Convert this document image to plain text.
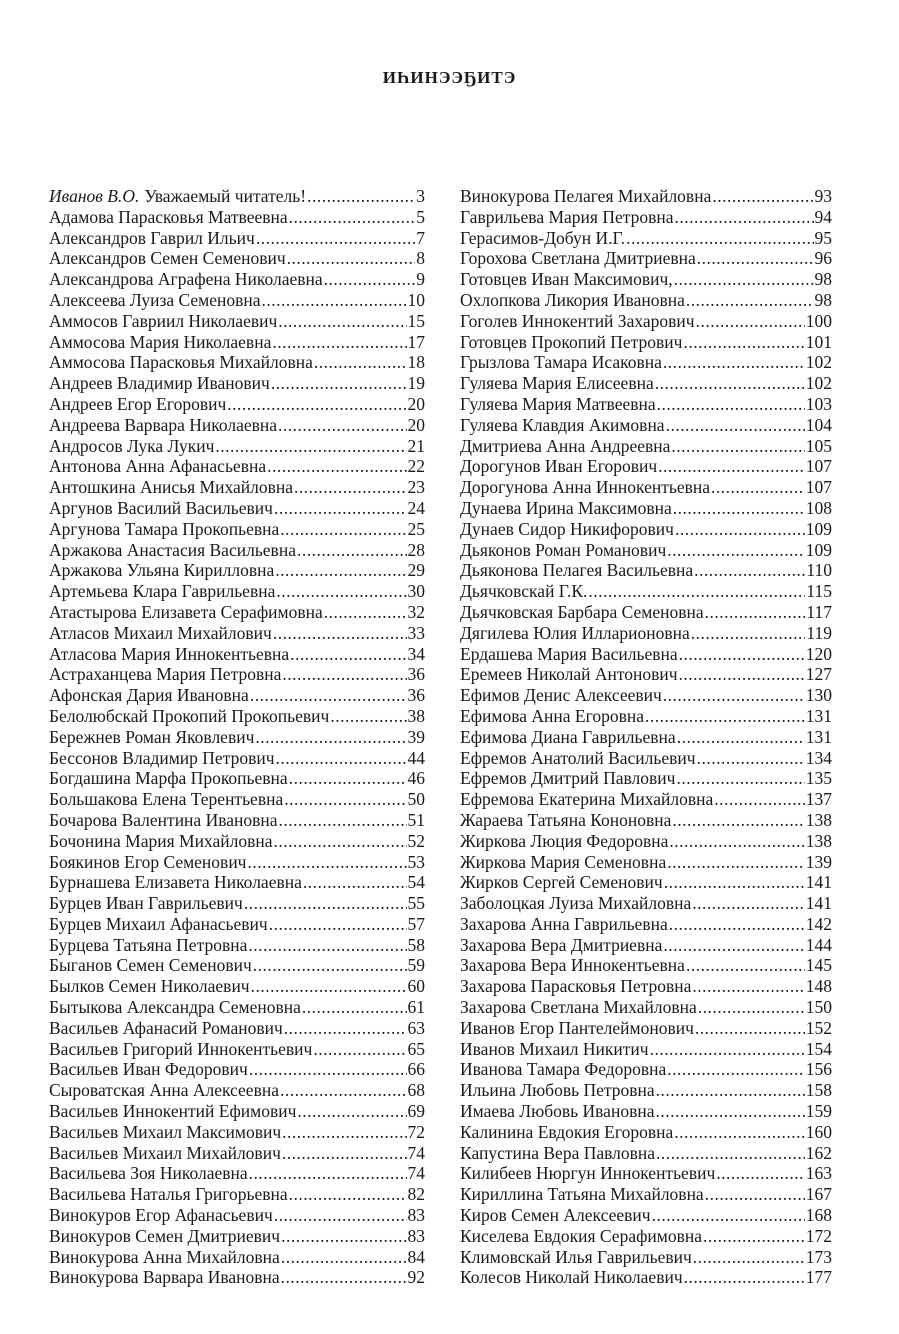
ИҺИНЭЭҔИТЭ
Иванов В.О. Уважаемый читатель! .....	3
Адамова Парасковья Матвеевна .....	5
Александров Гаврил Ильич .....	7
Александров Семен Семенович .....	8
Александрова Аграфена Николаевна .....	9
Алексеева Луиза Семеновна .....	10
Аммосов Гавриил Николаевич .....	15
Аммосова Мария Николаевна .....	17
Аммосова Парасковья Михайловна .....	18
Андреев Владимир Иванович .....	19
Андреев Егор Егорович .....	20
Андреева Варвара Николаевна .....	20
Андросов Лука Лукич .....	21
Антонова Анна Афанасьевна .....	22
Антошкина Анисья Михайловна .....	23
Аргунов Василий Васильевич .....	24
Аргунова Тамара Прокопьевна .....	25
Аржакова Анастасия Васильевна .....	28
Аржакова Ульяна Кирилловна .....	29
Артемьева Клара Гаврильевна .....	30
Атастырова Елизавета Серафимовна .....	32
Атласов Михаил Михайлович .....	33
Атласова Мария Иннокентьевна .....	34
Астраханцева Мария Петровна .....	36
Афонская Дария Ивановна .....	36
Белолюбскай Прокопий Прокопьевич .....	38
Бережнев Роман Яковлевич .....	39
Бессонов Владимир Петрович .....	44
Богдашина Марфа Прокопьевна .....	46
Большакова Елена Терентьевна .....	50
Бочарова Валентина Ивановна .....	51
Бочонина Мария Михайловна .....	52
Боякинов Егор Семенович .....	53
Бурнашева Елизавета Николаевна .....	54
Бурцев Иван Гаврильевич .....	55
Бурцев Михаил Афанасьевич .....	57
Бурцева Татьяна Петровна .....	58
Быганов Семен Семенович .....	59
Былков Семен Николаевич .....	60
Бытыкова Александра Семеновна .....	61
Васильев Афанасий Романович .....	63
Васильев Григорий Иннокентьевич .....	65
Васильев Иван Федорович .....	66
Сыроватская Анна Алексеевна .....	68
Васильев Иннокентий Ефимович .....	69
Васильев Михаил Максимович .....	72
Васильев Михаил Михайлович .....	74
Васильева Зоя Николаевна .....	74
Васильева Наталья Григорьевна .....	82
Винокуров Егор Афанасьевич .....	83
Винокуров Семен Дмитриевич .....	83
Винокурова Анна Михайловна .....	84
Винокурова Варвара Ивановна .....	92
Винокурова Пелагея Михайловна .....	93
Гаврильева Мария Петровна .....	94
Герасимов-Добун И.Г. .....	95
Горохова Светлана Дмитриевна .....	96
Готовцев Иван Максимович, .....	98
Охлопкова Ликория Ивановна .....	98
Гоголев Иннокентий Захарович .....	100
Готовцев Прокопий Петрович .....	101
Грызлова Тамара Исаковна .....	102
Гуляева Мария Елисеевна .....	102
Гуляева Мария Матвеевна .....	103
Гуляева Клавдия Акимовна .....	104
Дмитриева Анна Андреевна .....	105
Дорогунов Иван Егорович .....	107
Дорогунова Анна Иннокентьевна .....	107
Дунаева Ирина Максимовна .....	108
Дунаев Сидор Никифорович .....	109
Дьяконов Роман Романович .....	109
Дьяконова Пелагея Васильевна .....	110
Дьячковскай Г.К. .....	115
Дьячковская Барбара Семеновна .....	117
Дягилева Юлия Илларионовна .....	119
Ердашева Мария Васильевна .....	120
Еремеев Николай Антонович .....	127
Ефимов Денис Алексеевич .....	130
Ефимова Анна Егоровна .....	131
Ефимова Диана Гаврильевна .....	131
Ефремов Анатолий Васильевич .....	134
Ефремов Дмитрий Павлович .....	135
Ефремова Екатерина Михайловна .....	137
Жараева Татьяна Кононовна .....	138
Жиркова Люция Федоровна .....	138
Жиркова Мария Семеновна .....	139
Жирков Сергей Семенович .....	141
Заболоцкая Луиза Михайловна .....	141
Захарова Анна Гаврильевна .....	142
Захарова Вера Дмитриевна .....	144
Захарова Вера Иннокентьевна .....	145
Захарова Парасковья Петровна .....	148
Захарова Светлана Михайловна .....	150
Иванов Егор Пантелеймонович .....	152
Иванов Михаил Никитич .....	154
Иванова Тамара Федоровна .....	156
Ильина Любовь Петровна .....	158
Имаева Любовь Ивановна .....	159
Калинина Евдокия Егоровна .....	160
Капустина Вера Павловна .....	162
Килибеев Нюргун Иннокентьевич .....	163
Кириллина Татьяна Михайловна .....	167
Киров Семен Алексеевич .....	168
Киселева Евдокия Серафимовна .....	172
Климовскай Илья Гаврильевич .....	173
Колесов Николай Николаевич .....	177
